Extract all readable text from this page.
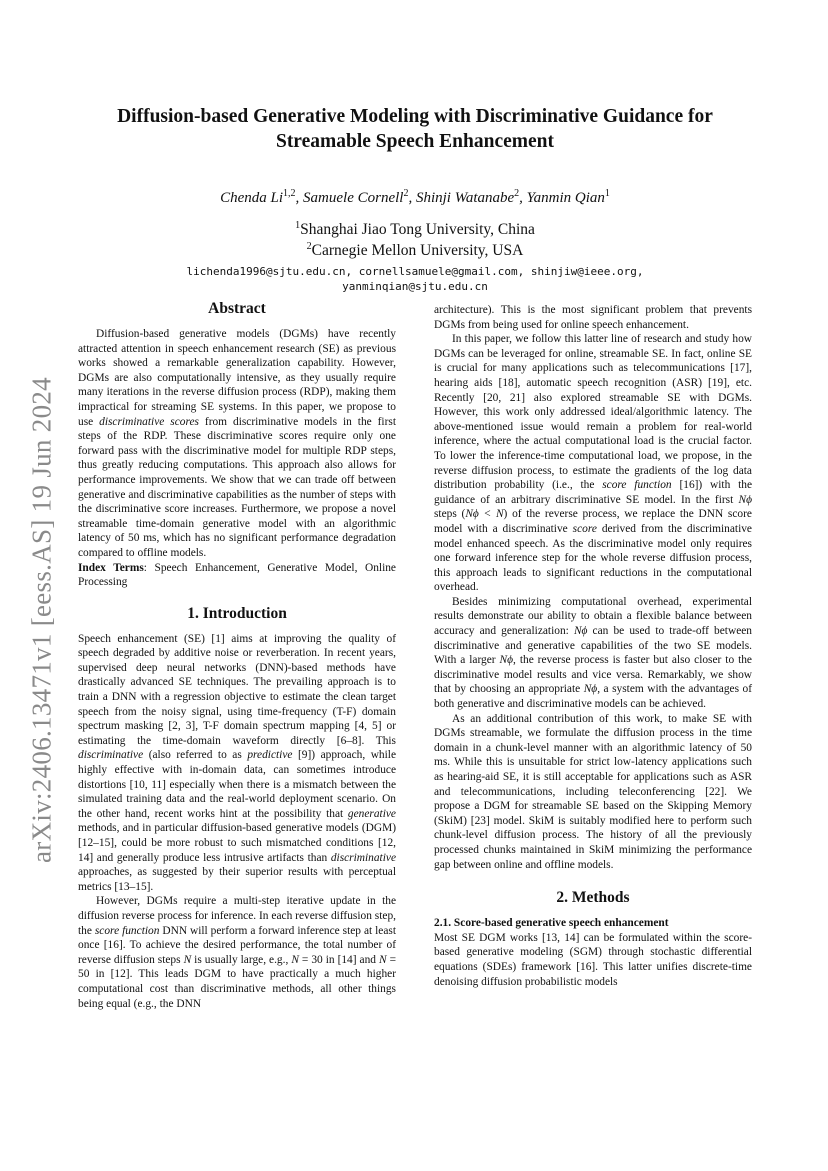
arXiv:2406.13471v1 [eess.AS] 19 Jun 2024
Diffusion-based Generative Modeling with Discriminative Guidance for
Streamable Speech Enhancement

Chenda Li$^{1,2}$, Samuele Cornell$^2$, Shinji Watanabe$^2$, Yanmin Qian$^1$

$^1$Shanghai Jiao Tong University, China

$^2$Carnegie Mellon University, USA

lichenda1996@sjtu.edu.cn, cornellsamuele@gmail.com, shinjiw@ieee.org,
yanminqian@sjtu.edu.cn
Abstract

Diffusion-based generative models (DGMs) have recently attracted attention in speech enhancement research (SE) as previous works showed a remarkable generalization capability. However, DGMs are also computationally intensive, as they usually require many iterations in the reverse diffusion process (RDP), making them impractical for streaming SE systems. In this paper, we propose to use discriminative scores from discriminative models in the first steps of the RDP. These discriminative scores require only one forward pass with the discriminative model for multiple RDP steps, thus greatly reducing computations. This approach also allows for performance improvements. We show that we can trade off between generative and discriminative capabilities as the number of steps with the discriminative score increases. Furthermore, we propose a novel streamable time-domain generative model with an algorithmic latency of 50 ms, which has no significant performance degradation compared to offline models.

Index Terms: Speech Enhancement, Generative Model, Online Processing

1. Introduction

Speech enhancement (SE) [1] aims at improving the quality of speech degraded by additive noise or reverberation. In recent years, supervised deep neural networks (DNN)-based methods have drastically advanced SE techniques. The prevailing approach is to train a DNN with a regression objective to estimate the clean target speech from the noisy signal, using time-frequency (T-F) domain spectrum masking [2, 3], T-F domain spectrum mapping [4, 5] or estimating the time-domain waveform directly [6–8]. This discriminative (also referred to as predictive [9]) approach, while highly effective with in-domain data, can sometimes introduce distortions [10, 11] especially when there is a mismatch between the simulated training data and the real-world deployment scenario. On the other hand, recent works hint at the possibility that generative methods, and in particular diffusion-based generative models (DGM) [12–15], could be more robust to such mismatched conditions [12, 14] and generally produce less intrusive artifacts than discriminative approaches, as suggested by their superior results with perceptual metrics [13–15].

However, DGMs require a multi-step iterative update in the diffusion reverse process for inference. In each reverse diffusion step, the score function DNN will perform a forward inference step at least once [16]. To achieve the desired performance, the total number of reverse diffusion steps N is usually large, e.g., N = 30 in [14] and N = 50 in [12]. This leads DGM to have practically a much higher computational cost than discriminative methods, all other things being equal (e.g., the DNN

architecture). This is the most significant problem that prevents DGMs from being used for online speech enhancement.

In this paper, we follow this latter line of research and study how DGMs can be leveraged for online, streamable SE. In fact, online SE is crucial for many applications such as telecommunications [17], hearing aids [18], automatic speech recognition (ASR) [19], etc. Recently [20, 21] also explored streamable SE with DGMs. However, this work only addressed ideal/algorithmic latency. The above-mentioned issue would remain a problem for real-world inference, where the actual computational load is the crucial factor. To lower the inference-time computational load, we propose, in the reverse diffusion process, to estimate the gradients of the log data distribution probability (i.e., the score function [16]) with the guidance of an arbitrary discriminative SE model. In the first Nϕ steps (Nϕ < N) of the reverse process, we replace the DNN score model with a discriminative score derived from the discriminative model enhanced speech. As the discriminative model only requires one forward inference step for the whole reverse diffusion process, this approach leads to significant reductions in the computational overhead.

Besides minimizing computational overhead, experimental results demonstrate our ability to obtain a flexible balance between accuracy and generalization: Nϕ can be used to trade-off between discriminative and generative capabilities of the two SE models. With a larger Nϕ, the reverse process is faster but also closer to the discriminative model results and vice versa. Remarkably, we show that by choosing an appropriate Nϕ, a system with the advantages of both generative and discriminative models can be achieved.

As an additional contribution of this work, to make SE with DGMs streamable, we formulate the diffusion process in the time domain in a chunk-level manner with an algorithmic latency of 50 ms. While this is unsuitable for strict low-latency applications such as hearing-aid SE, it is still acceptable for applications such as ASR and telecommunications, including teleconferencing [22]. We propose a DGM for streamable SE based on the Skipping Memory (SkiM) [23] model. SkiM is suitably modified here to perform such chunk-level diffusion process. The history of all the previously processed chunks maintained in SkiM minimizing the performance gap between online and offline models.

2. Methods

2.1. Score-based generative speech enhancement

Most SE DGM works [13, 14] can be formulated within the score-based generative modeling (SGM) through stochastic differential equations (SDEs) framework [16]. This latter unifies discrete-time denoising diffusion probabilistic models
